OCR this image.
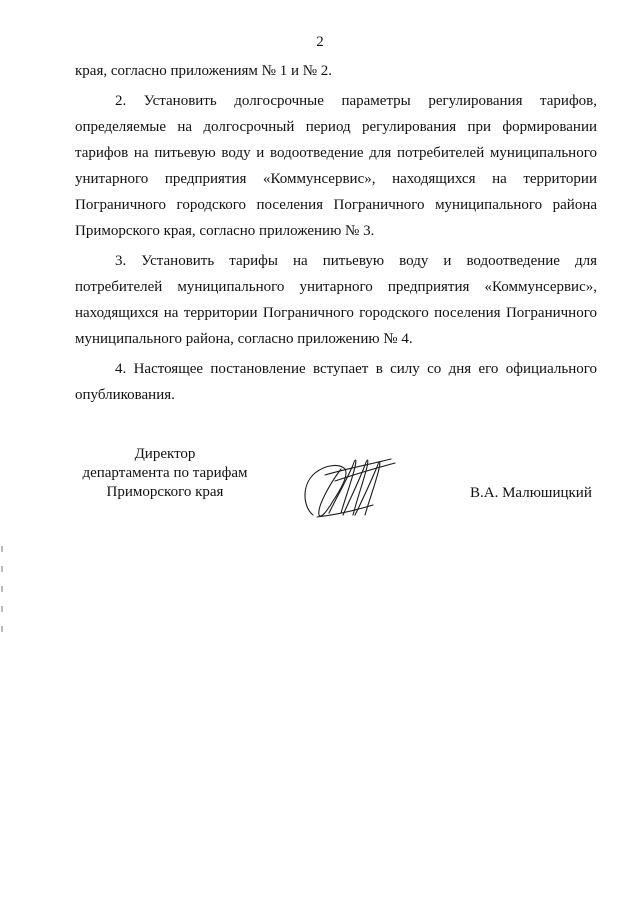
2

края, согласно приложениям № 1 и № 2.

2. Установить долгосрочные параметры регулирования тарифов, определяемые на долгосрочный период регулирования при формировании тарифов на питьевую воду и водоотведение для потребителей муниципального унитарного предприятия «Коммунсервис», находящихся на территории Пограничного городского поселения Пограничного муниципального района Приморского края, согласно приложению № 3.

3. Установить тарифы на питьевую воду и водоотведение для потребителей муниципального унитарного предприятия «Коммунсервис», находящихся на территории Пограничного городского поселения Пограничного муниципального района, согласно приложению № 4.

4. Настоящее постановление вступает в силу со дня его официального опубликования.

Директор
департамента по тарифам
Приморского края	В.А. Малюшицкий
